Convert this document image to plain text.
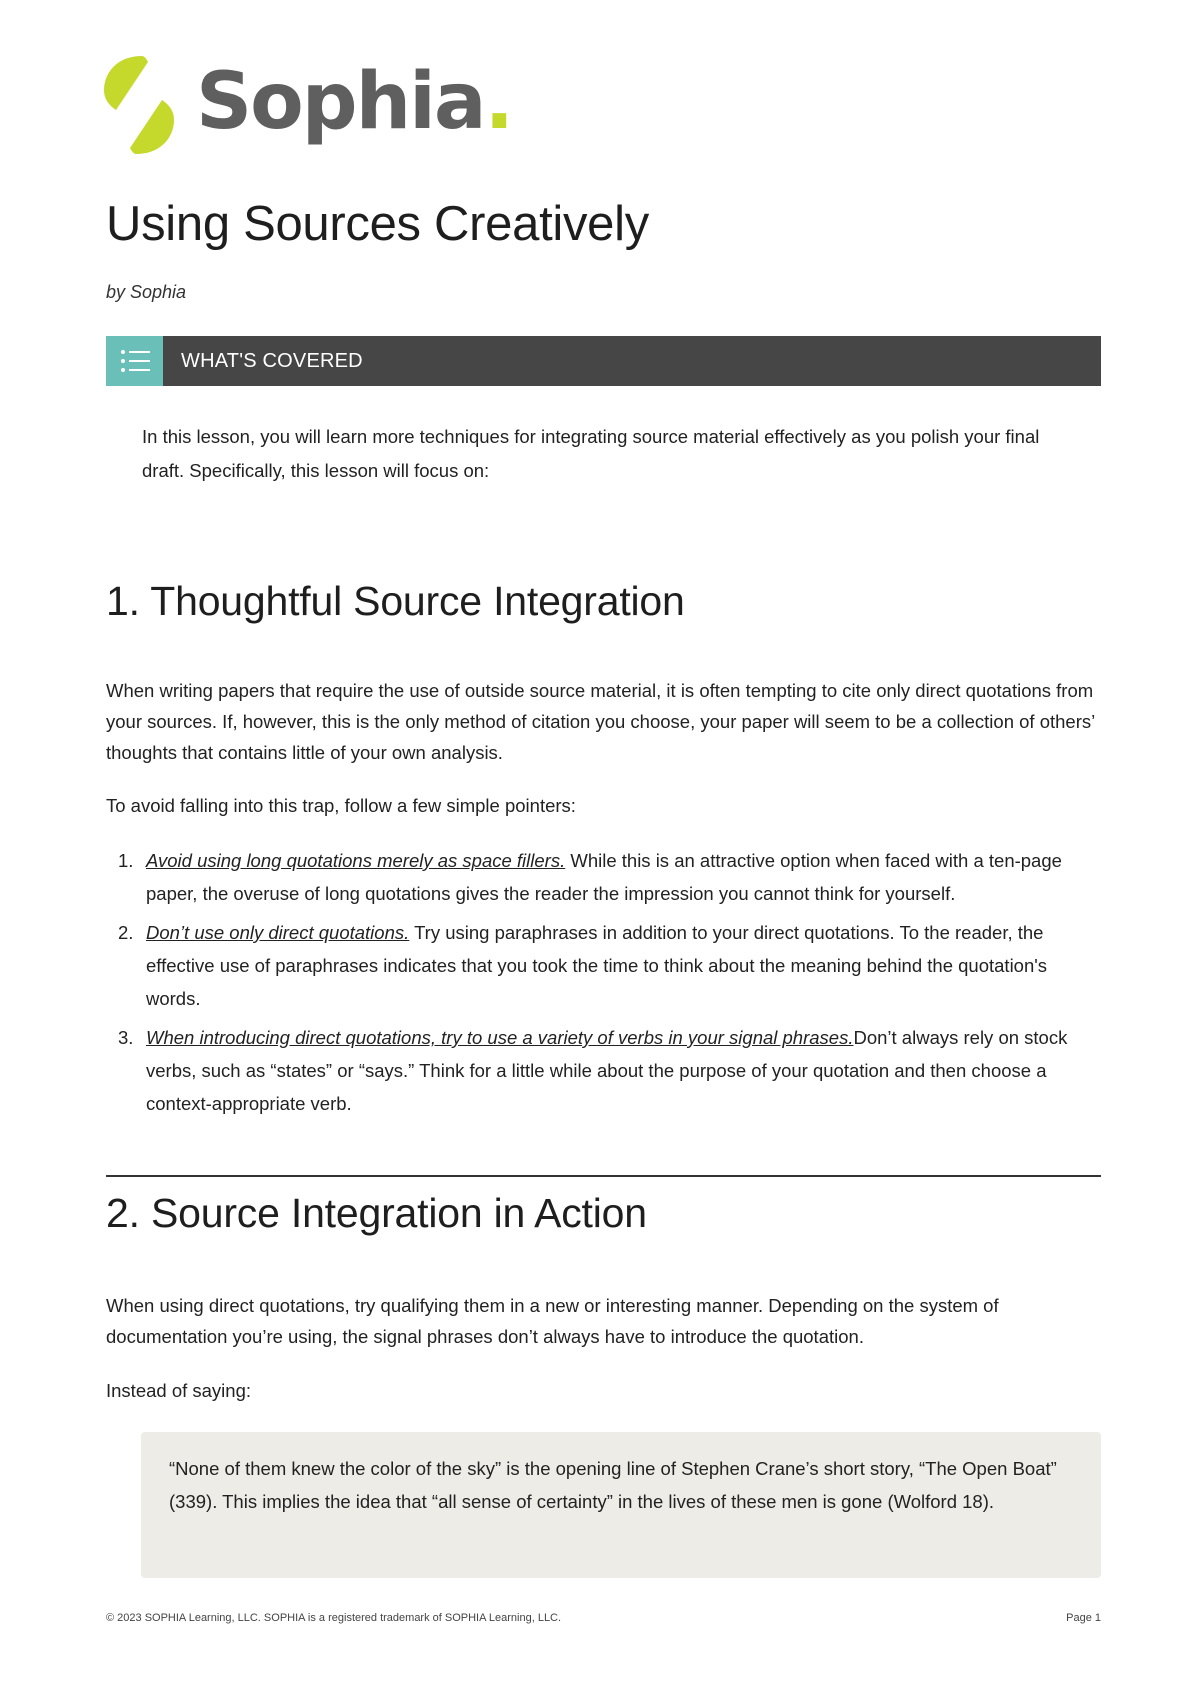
Sophia.
Using Sources Creatively
by Sophia
WHAT'S COVERED
In this lesson, you will learn more techniques for integrating source material effectively as you polish your final draft. Specifically, this lesson will focus on:
1. Thoughtful Source Integration

When writing papers that require the use of outside source material, it is often tempting to cite only direct quotations from your sources. If, however, this is the only method of citation you choose, your paper will seem to be a collection of others’ thoughts that contains little of your own analysis.

To avoid falling into this trap, follow a few simple pointers:

1. Avoid using long quotations merely as space fillers. While this is an attractive option when faced with a ten-page paper, the overuse of long quotations gives the reader the impression you cannot think for yourself.
2. Don’t use only direct quotations. Try using paraphrases in addition to your direct quotations. To the reader, the effective use of paraphrases indicates that you took the time to think about the meaning behind the quotation's words.
3. When introducing direct quotations, try to use a variety of verbs in your signal phrases.Don’t always rely on stock verbs, such as “states” or “says.” Think for a little while about the purpose of your quotation and then choose a context-appropriate verb.
2. Source Integration in Action

When using direct quotations, try qualifying them in a new or interesting manner. Depending on the system of documentation you’re using, the signal phrases don’t always have to introduce the quotation.

Instead of saying:

“None of them knew the color of the sky” is the opening line of Stephen Crane’s short story, “The Open Boat” (339). This implies the idea that “all sense of certainty” in the lives of these men is gone (Wolford 18).
© 2023 SOPHIA Learning, LLC. SOPHIA is a registered trademark of SOPHIA Learning, LLC.	Page 1
